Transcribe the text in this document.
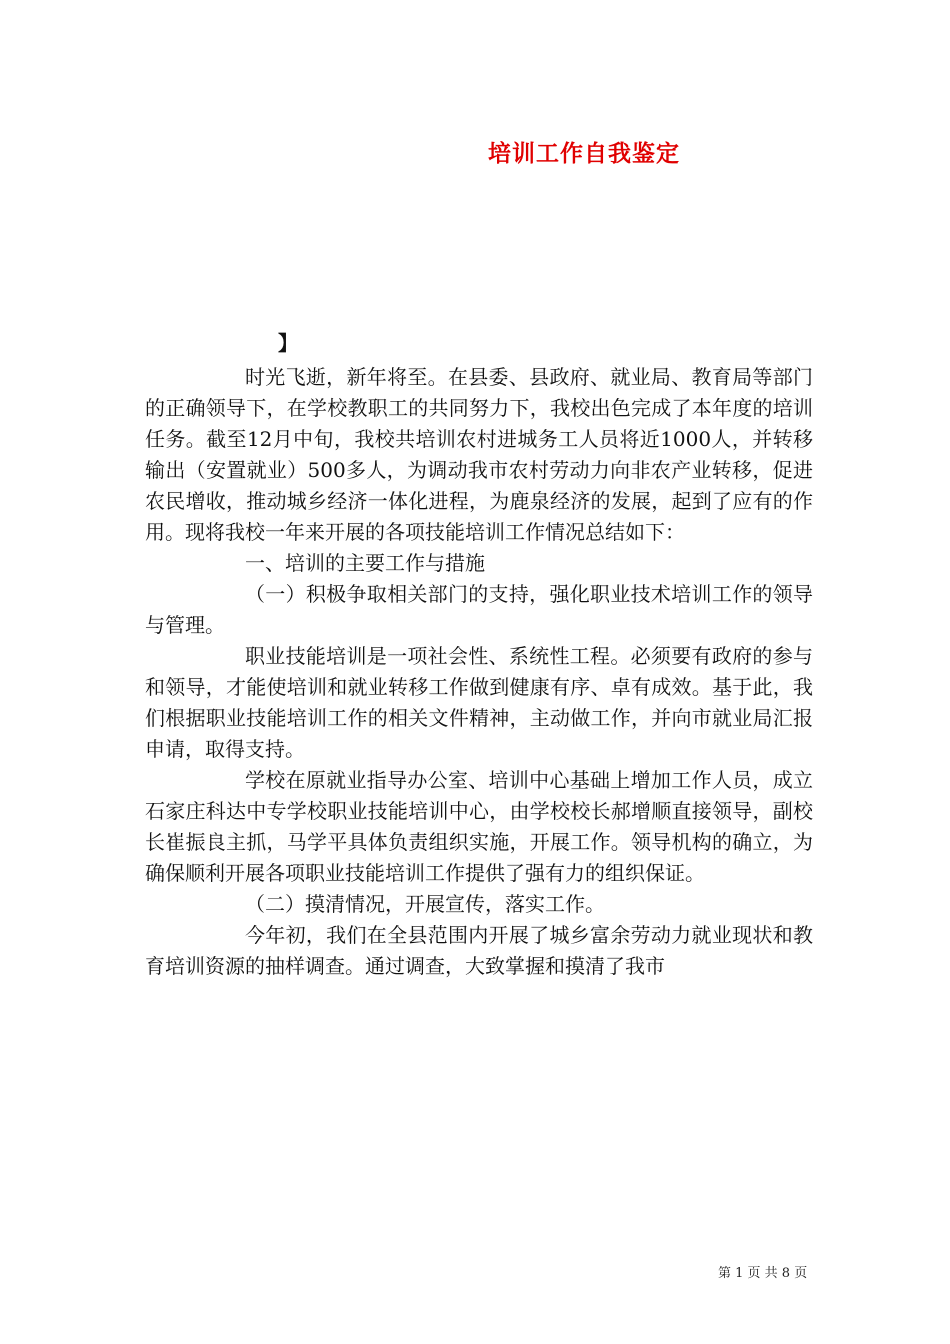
培训工作自我鉴定
】

时光飞逝，新年将至。在县委、县政府、就业局、教育局等部门的正确领导下，在学校教职工的共同努力下，我校出色完成了本年度的培训任务。截至12月中旬，我校共培训农村进城务工人员将近1000人，并转移输出（安置就业）500多人，为调动我市农村劳动力向非农产业转移，促进农民增收，推动城乡经济一体化进程，为鹿泉经济的发展，起到了应有的作用。现将我校一年来开展的各项技能培训工作情况总结如下：

一、培训的主要工作与措施

（一）积极争取相关部门的支持，强化职业技术培训工作的领导与管理。

职业技能培训是一项社会性、系统性工程。必须要有政府的参与和领导，才能使培训和就业转移工作做到健康有序、卓有成效。基于此，我们根据职业技能培训工作的相关文件精神，主动做工作，并向市就业局汇报申请，取得支持。

学校在原就业指导办公室、培训中心基础上增加工作人员，成立石家庄科达中专学校职业技能培训中心，由学校校长郝增顺直接领导，副校长崔振良主抓，马学平具体负责组织实施，开展工作。领导机构的确立，为确保顺利开展各项职业技能培训工作提供了强有力的组织保证。

（二）摸清情况，开展宣传，落实工作。

今年初，我们在全县范围内开展了城乡富余劳动力就业现状和教育培训资源的抽样调查。通过调查，大致掌握和摸清了我市

第 1 页 共 8 页
